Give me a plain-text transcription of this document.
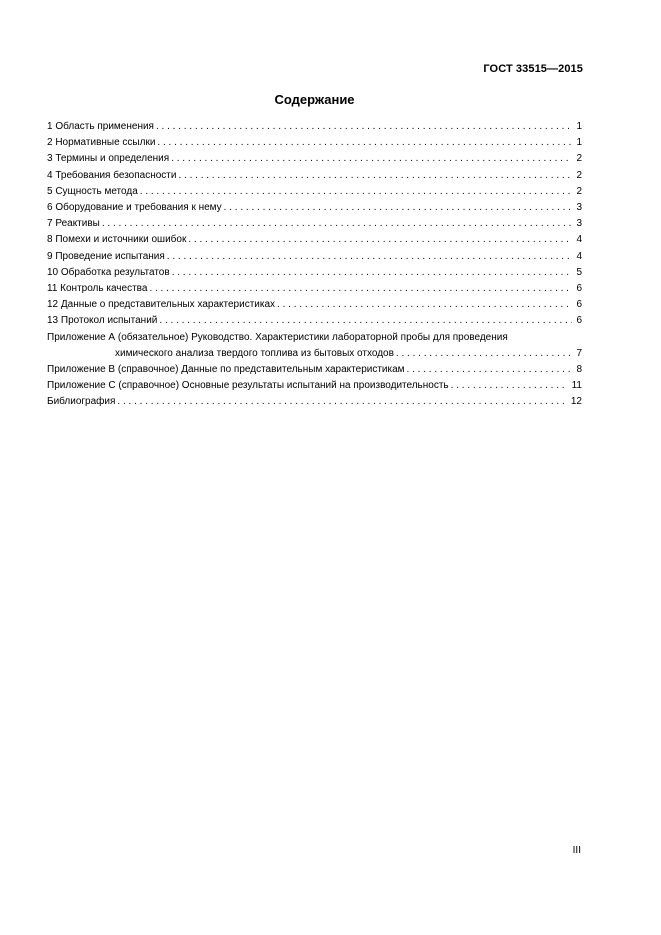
ГОСТ 33515—2015
Содержание
1 Область применения . . .	1
2 Нормативные ссылки . . .	1
3 Термины и определения . . .	2
4 Требования безопасности . . .	2
5 Сущность метода . . .	2
6 Оборудование и требования к нему . . .	3
7 Реактивы . . .	3
8 Помехи и источники ошибок . . .	4
9 Проведение испытания . . .	4
10 Обработка результатов . . .	5
11 Контроль качества . . .	6
12 Данные о представительных характеристиках . . .	6
13 Протокол испытаний . . .	6
Приложение А (обязательное) Руководство. Характеристики лабораторной пробы для проведения
химического анализа твердого топлива из бытовых отходов . . .	7
Приложение В (справочное) Данные по представительным характеристикам . . .	8
Приложение С (справочное) Основные результаты испытаний на производительность . . .	11
Библиография . . .	12
III
